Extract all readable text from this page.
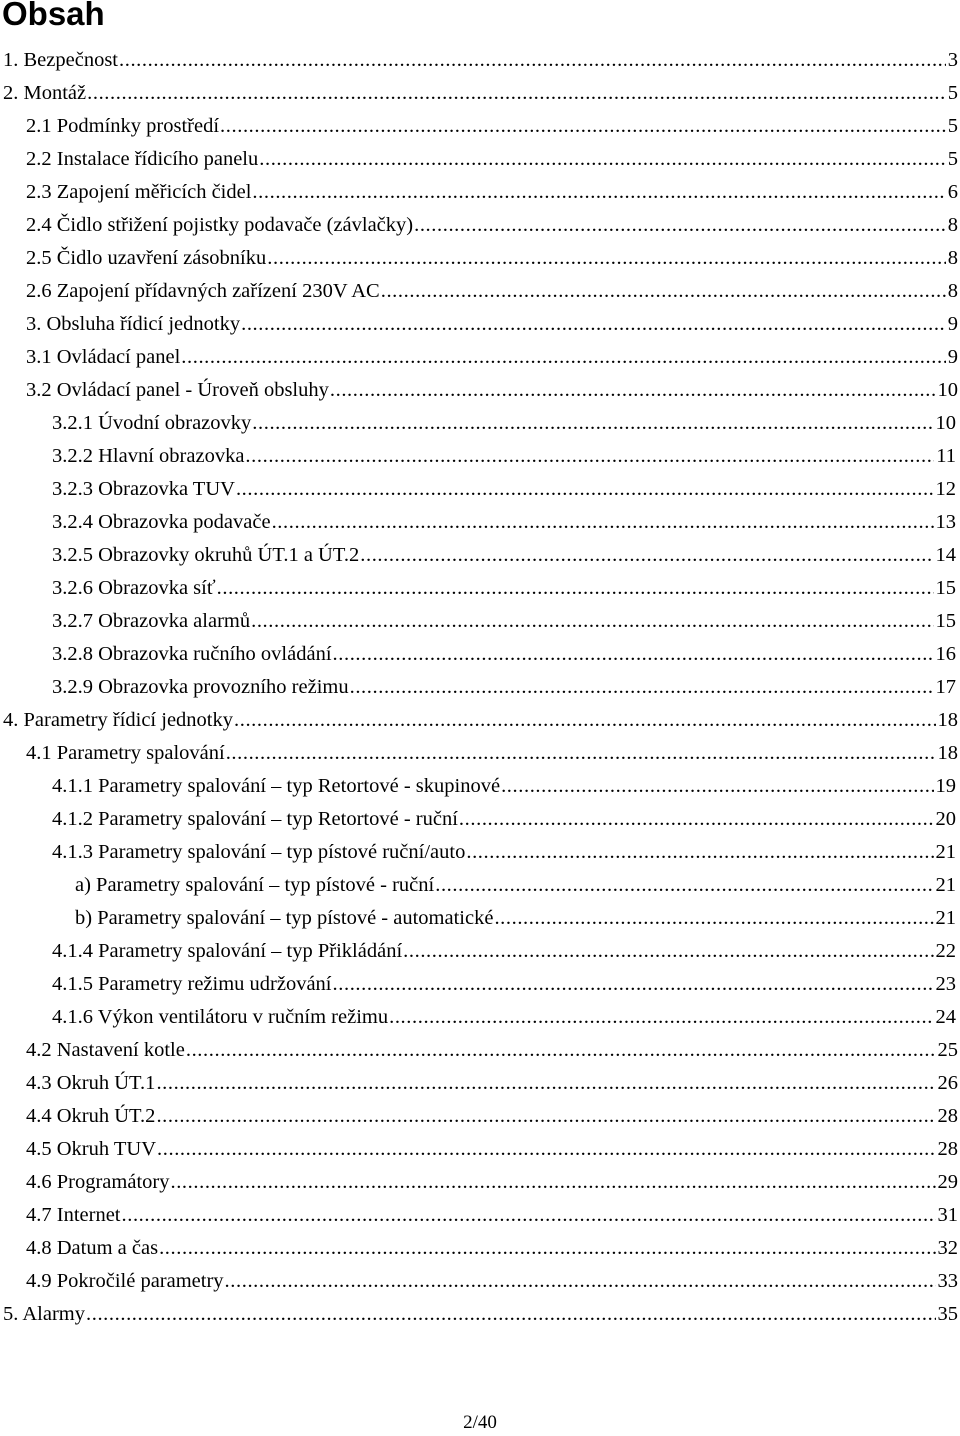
Obsah
1. Bezpečnost .....	3
2. Montáž .....	5
2.1 Podmínky prostředí .....	5
2.2 Instalace řídicího panelu .....	5
2.3 Zapojení měřicích čidel .....	6
2.4 Čidlo střižení pojistky podavače (závlačky) .....	8
2.5 Čidlo uzavření zásobníku .....	8
2.6 Zapojení přídavných zařízení 230V AC .....	8
3. Obsluha řídicí jednotky .....	9
3.1 Ovládací panel .....	9
3.2 Ovládací panel - Úroveň obsluhy .....	10
3.2.1 Úvodní obrazovky .....	10
3.2.2 Hlavní obrazovka .....	11
3.2.3 Obrazovka TUV .....	12
3.2.4 Obrazovka podavače .....	13
3.2.5 Obrazovky okruhů ÚT.1 a ÚT.2 .....	14
3.2.6 Obrazovka síť .....	15
3.2.7 Obrazovka alarmů .....	15
3.2.8 Obrazovka ručního ovládání .....	16
3.2.9 Obrazovka provozního režimu .....	17
4. Parametry řídicí jednotky .....	18
4.1 Parametry spalování .....	18
4.1.1 Parametry spalování – typ Retortové - skupinové .....	19
4.1.2 Parametry spalování – typ Retortové - ruční .....	20
4.1.3 Parametry spalování – typ pístové ruční/auto .....	21
a) Parametry spalování – typ pístové - ruční .....	21
b) Parametry spalování – typ pístové - automatické .....	21
4.1.4 Parametry spalování – typ Přikládání .....	22
4.1.5 Parametry režimu udržování .....	23
4.1.6 Výkon ventilátoru v ručním režimu .....	24
4.2 Nastavení kotle .....	25
4.3 Okruh ÚT.1 .....	26
4.4 Okruh ÚT.2 .....	28
4.5 Okruh TUV .....	28
4.6 Programátory .....	29
4.7 Internet .....	31
4.8 Datum a čas .....	32
4.9 Pokročilé parametry .....	33
5. Alarmy .....	35
2/40
